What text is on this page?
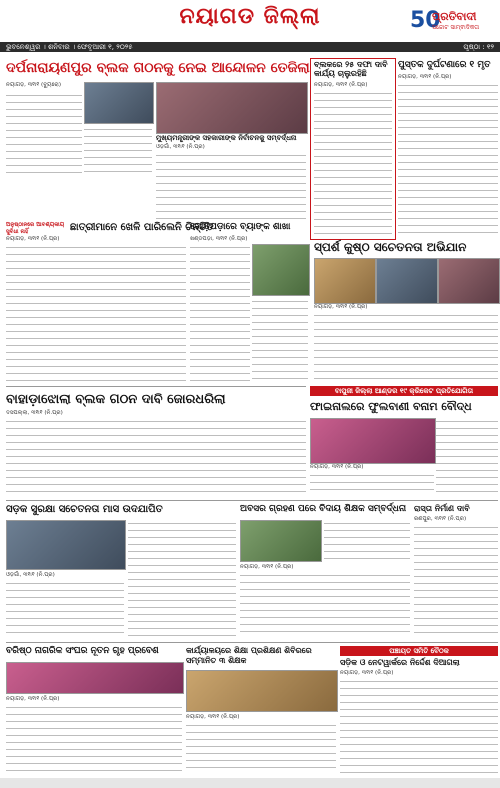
ନୟାଗଡ ଜିଲ୍ଲା	50
ପ୍ରତିବାଦୀ
ସଚ୍ଚୋଟ ସାମ୍ବାଦିକତା
ଭୁବନେଶ୍ୱର । ଶନିବାର । ଫେବୃଆରୀ ୧, ୨୦୨୫	ପୃଷ୍ଠା : ୧୨
ଦର୍ପନାରାୟଣପୁର ବ୍ଲକ ଗଠନକୁ ନେଇ ଆନ୍ଦୋଳନ ତେଜିଲା
ନୟାଗଡ଼, ୩୧ା୧ (ବ୍ୟୁରୋ)
ମୁଖ୍ୟମନ୍ତ୍ରୀଙ୍କ ସହକାରୀଙ୍କ ନିର୍ବାଚନକୁ ସମ୍ବର୍ଦ୍ଧନା
ଓଡ଼ଗାଁ, ୩୧ା୧ (ନି.ପ୍ର)
ବ୍ଲକରେ ୨୫ ଦଫା ଦାବି କାର୍ଯ୍ୟ ଚାଲୁରହିଛି
ନୟାଗଡ଼, ୩୧ା୧ (ନି.ପ୍ର)
ପୁସ୍ତକ ଦୁର୍ଘଟଣାରେ ୧ ମୃତ
ନୟାଗଡ଼, ୩୧ା୧ (ନି.ପ୍ର)
ଅନୁଷ୍ଠାନରେ ଆବଶ୍ୟକୀୟ ସୁବିଧା ନାହିଁ	ଛାତ୍ରୀମାନେ ଖେଳି ପାରିଲେନି ଚିନ୍ତିତ
ନୟାଗଡ଼, ୩୧ା୧ (ନି.ପ୍ର)
ଗୋଡ଼ିପଡ଼ାରେ ବ୍ୟାଙ୍କ ଶାଖା
ଖଣ୍ଡପଡ଼ା, ୩୧ା୧ (ନି.ପ୍ର)
ସ୍ପର୍ଶ କୁଷ୍ଠ ସଚେତନତା ଅଭିଯାନ
ନୟାଗଡ଼, ୩୧ା୧ (ନି.ପ୍ର)
ବାହାଡ଼ାଝୋଲା ବ୍ଲକ ଗଠନ ଦାବି ଜୋରଧରିଲା
ଦସପଲ୍ଲା, ୩୧ା୧ (ନି.ପ୍ର)
ବାପୁଜୀ ଜିଲ୍ଲା ଆଣ୍ଡର ୧୯ କ୍ରିକେଟ ପ୍ରତିଯୋଗିତା
ଫାଇନାଲରେ ଫୁଲବାଣୀ ବନାମ ବୌଦ୍ଧ
ନୟାଗଡ଼, ୩୧ା୧ (ନି.ପ୍ର)
ସଡ଼କ ସୁରକ୍ଷା ସଚେତନତା ମାସ ଉଦଯାପିତ
ଓଡ଼ଗାଁ, ୩୧ା୧ (ନି.ପ୍ର)
ଅବସର ଗ୍ରହଣ ପରେ ବିଦାୟ ଶିକ୍ଷକ ସମ୍ବର୍ଦ୍ଧନା
ନୟାଗଡ଼, ୩୧ା୧ (ନି.ପ୍ର)
ରାସ୍ତା ନିର୍ମାଣ ଦାବି
ରଣପୁର, ୩୧ା୧ (ନି.ପ୍ର)
ବରିଷ୍ଠ ନାଗରିକ ସଂଘର ନୂତନ ଗୃହ ପ୍ରବେଶ
ନୟାଗଡ଼, ୩୧ା୧ (ନି.ପ୍ର)
କାର୍ଯ୍ୟାଳୟରେ ଶିକ୍ଷା ପ୍ରଶିକ୍ଷଣ ଶିବିରରେ ସମ୍ମାନିତ ୩ ଶିକ୍ଷକ
ନୟାଗଡ଼, ୩୧ା୧ (ନି.ପ୍ର)
ପଞ୍ଚାୟତ ସମିତି ବୈଠକ
ସଡ଼ିକ ଓ ନେଟୱାର୍କରେ ନିର୍ଦ୍ଦେଶ ଦିଆଗଲା
ନୟାଗଡ଼, ୩୧ା୧ (ନି.ପ୍ର)
